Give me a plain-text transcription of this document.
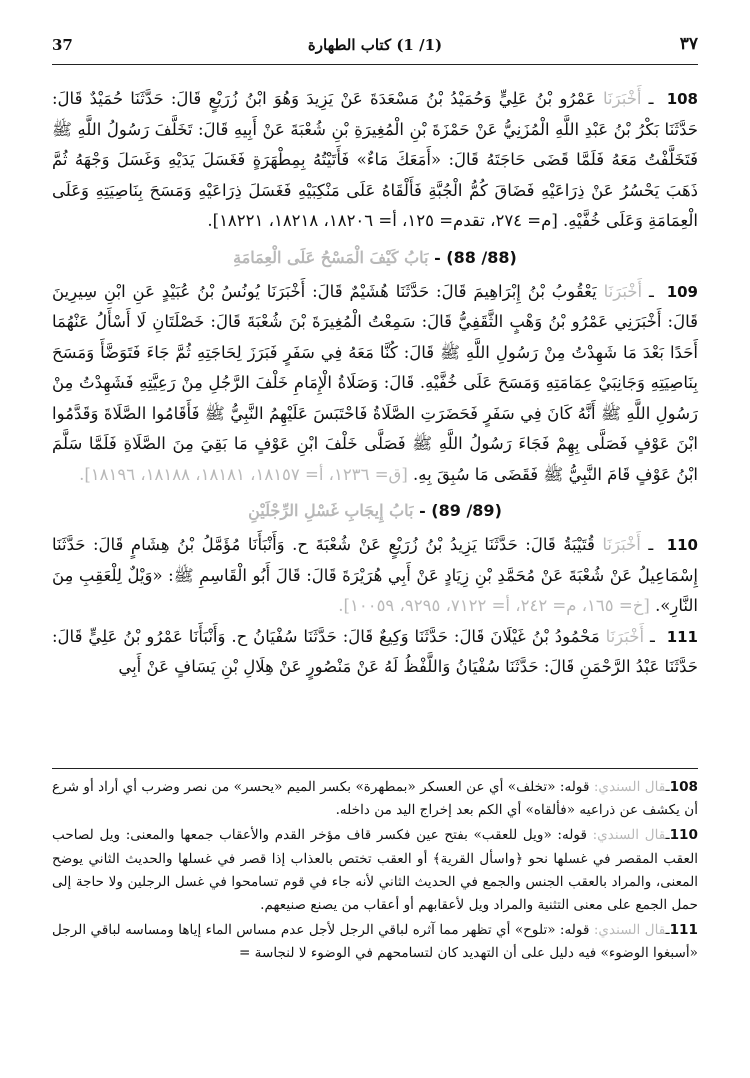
37	(1/ 1) كتاب الطهارة	٣٧

108 ـ أَخْبَرَنَا عَمْرُو بْنُ عَلِيٍّ وَحُمَيْدُ بْنُ مَسْعَدَةَ عَنْ يَزِيدَ وَهُوَ ابْنُ زُرَيْعٍ قَالَ: حَدَّثَنَا حُمَيْدٌ قَالَ: حَدَّثَنَا بَكْرُ بْنُ عَبْدِ اللَّهِ الْمُزَنِيُّ عَنْ حَمْزَةَ بْنِ الْمُغِيرَةِ بْنِ شُعْبَةَ عَنْ أَبِيهِ قَالَ: تَخَلَّفَ رَسُولُ اللَّهِ ﷺ فَتَخَلَّفْتُ مَعَهُ فَلَمَّا قَضَى حَاجَتَهُ قَالَ: «أَمَعَكَ مَاءٌ» فَأَتَيْتُهُ بِمِطْهَرَةٍ فَغَسَلَ يَدَيْهِ وَغَسَلَ وَجْهَهُ ثُمَّ ذَهَبَ يَحْسُرُ عَنْ ذِرَاعَيْهِ فَضَاقَ كُمُّ الْجُبَّةِ فَأَلْقَاهُ عَلَى مَنْكِبَيْهِ فَغَسَلَ ذِرَاعَيْهِ وَمَسَحَ بِنَاصِيَتِهِ وَعَلَى الْعِمَامَةِ وَعَلَى خُفَّيْهِ. [م= ٢٧٤، تقدم= ١٢٥، أ= ١٨٢٠٦، ١٨٢١٨، ١٨٢٢١].

(88/ 88) - بَابُ كَيْفَ الْمَسْحُ عَلَى الْعِمَامَةِ

109 ـ أَخْبَرَنَا يَعْقُوبُ بْنُ إِبْرَاهِيمَ قَالَ: حَدَّثَنَا هُشَيْمٌ قَالَ: أَخْبَرَنَا يُونُسُ بْنُ عُبَيْدٍ عَنِ ابْنِ سِيرِينَ قَالَ: أَخْبَرَنِي عَمْرُو بْنُ وَهْبٍ الثَّقَفِيُّ قَالَ: سَمِعْتُ الْمُغِيرَةَ بْنَ شُعْبَةَ قَالَ: خَصْلَتَانِ لَا أَسْأَلُ عَنْهُمَا أَحَدًا بَعْدَ مَا شَهِدْتُ مِنْ رَسُولِ اللَّهِ ﷺ قَالَ: كُنَّا مَعَهُ فِي سَفَرٍ فَبَرَزَ لِحَاجَتِهِ ثُمَّ جَاءَ فَتَوَضَّأَ وَمَسَحَ بِنَاصِيَتِهِ وَجَانِبَيْ عِمَامَتِهِ وَمَسَحَ عَلَى خُفَّيْهِ. قَالَ: وَصَلَاةُ الْإِمَامِ خَلْفَ الرَّجُلِ مِنْ رَعِيَّتِهِ فَشَهِدْتُ مِنْ رَسُولِ اللَّهِ ﷺ أَنَّهُ كَانَ فِي سَفَرٍ فَحَضَرَتِ الصَّلَاةُ فَاحْتَبَسَ عَلَيْهِمُ النَّبِيُّ ﷺ فَأَقَامُوا الصَّلَاةَ وَقَدَّمُوا ابْنَ عَوْفٍ فَصَلَّى بِهِمْ فَجَاءَ رَسُولُ اللَّهِ ﷺ فَصَلَّى خَلْفَ ابْنِ عَوْفٍ مَا بَقِيَ مِنَ الصَّلَاةِ فَلَمَّا سَلَّمَ ابْنُ عَوْفٍ قَامَ النَّبِيُّ ﷺ فَقَضَى مَا سُبِقَ بِهِ. [ق= ١٢٣٦، أ= ١٨١٥٧، ١٨١٨١، ١٨١٨٨، ١٨١٩٦].

(89/ 89) - بَابُ إِيجَابِ غَسْلِ الرِّجْلَيْنِ

110 ـ أَخْبَرَنَا قُتَيْبَةُ قَالَ: حَدَّثَنَا يَزِيدُ بْنُ زُرَيْعٍ عَنْ شُعْبَةَ ح. وَأَنْبَأَنَا مُؤَمَّلُ بْنُ هِشَامٍ قَالَ: حَدَّثَنَا إِسْمَاعِيلُ عَنْ شُعْبَةَ عَنْ مُحَمَّدِ بْنِ زِيَادٍ عَنْ أَبِي هُرَيْرَةَ قَالَ: قَالَ أَبُو الْقَاسِمِ ﷺ: «وَيْلٌ لِلْعَقِبِ مِنَ النَّارِ». [خ= ١٦٥، م= ٢٤٢، أ= ٧١٢٢، ٩٢٩٥، ١٠٠٥٩].

111 ـ أَخْبَرَنَا مَحْمُودُ بْنُ غَيْلَانَ قَالَ: حَدَّثَنَا وَكِيعٌ قَالَ: حَدَّثَنَا سُفْيَانُ ح. وَأَنْبَأَنَا عَمْرُو بْنُ عَلِيٍّ قَالَ: حَدَّثَنَا عَبْدُ الرَّحْمَنِ قَالَ: حَدَّثَنَا سُفْيَانُ وَاللَّفْظُ لَهُ عَنْ مَنْصُورٍ عَنْ هِلَالِ بْنِ يَسَافٍ عَنْ أَبِي

108ـقال السندي: قوله: «تخلف» أي عن العسكر «بمطهرة» بكسر الميم «يحسر» من نصر وضرب أي أراد أو شرع أن يكشف عن ذراعيه «فألقاه» أي الكم بعد إخراج اليد من داخله.

110ـقال السندي: قوله: «ويل للعقب» بفتح عين فكسر قاف مؤخر القدم والأعقاب جمعها والمعنى: ويل لصاحب العقب المقصر في غسلها نحو ﴿واسأل القرية﴾ أو العقب تختص بالعذاب إذا قصر في غسلها والحديث الثاني يوضح المعنى، والمراد بالعقب الجنس والجمع في الحديث الثاني لأنه جاء في قوم تسامحوا في غسل الرجلين ولا حاجة إلى حمل الجمع على معنى التثنية والمراد ويل لأعقابهم أو أعقاب من يصنع صنيعهم.

111ـقال السندي: قوله: «تلوح» أي تظهر مما آثره لباقي الرجل لأجل عدم مساس الماء إياها ومساسه لباقي الرجل «أسبغوا الوضوء» فيه دليل على أن التهديد كان لتسامحهم في الوضوء لا لنجاسة =
